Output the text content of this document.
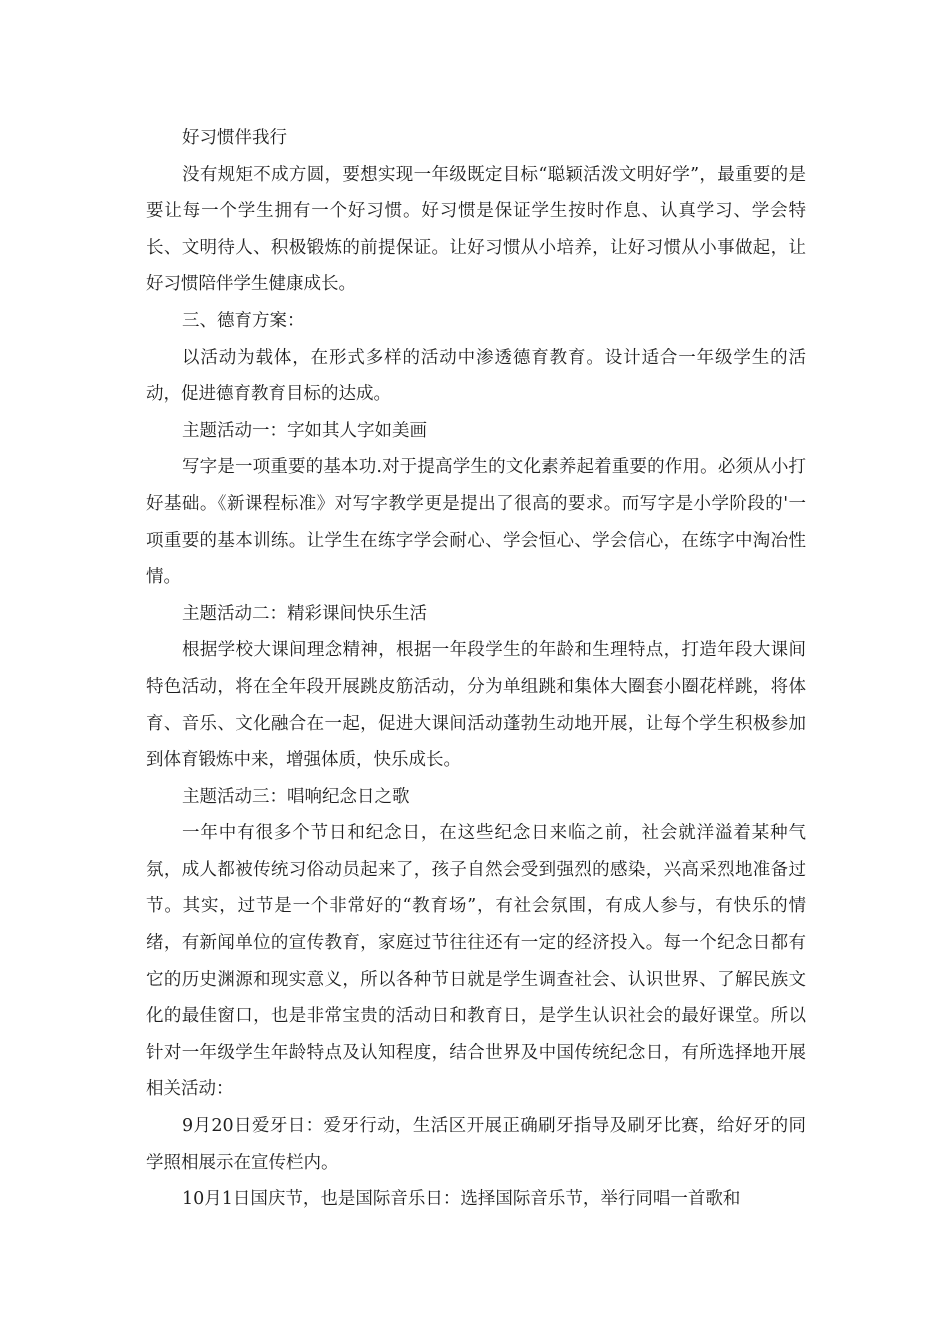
好习惯伴我行

没有规矩不成方圆，要想实现一年级既定目标“聪颖活泼文明好学”，最重要的是要让每一个学生拥有一个好习惯。好习惯是保证学生按时作息、认真学习、学会特长、文明待人、积极锻炼的前提保证。让好习惯从小培养，让好习惯从小事做起，让好习惯陪伴学生健康成长。

三、德育方案：

以活动为载体，在形式多样的活动中渗透德育教育。设计适合一年级学生的活动，促进德育教育目标的达成。

主题活动一：字如其人字如美画

写字是一项重要的基本功.对于提高学生的文化素养起着重要的作用。必须从小打好基础。《新课程标准》对写字教学更是提出了很高的要求。而写字是小学阶段的'一项重要的基本训练。让学生在练字学会耐心、学会恒心、学会信心，在练字中淘冶性情。

主题活动二：精彩课间快乐生活

根据学校大课间理念精神，根据一年段学生的年龄和生理特点，打造年段大课间特色活动，将在全年段开展跳皮筋活动，分为单组跳和集体大圈套小圈花样跳，将体育、音乐、文化融合在一起，促进大课间活动蓬勃生动地开展，让每个学生积极参加到体育锻炼中来，增强体质，快乐成长。

主题活动三：唱响纪念日之歌

一年中有很多个节日和纪念日，在这些纪念日来临之前，社会就洋溢着某种气氛，成人都被传统习俗动员起来了，孩子自然会受到强烈的感染，兴高采烈地准备过节。其实，过节是一个非常好的“教育场”，有社会氛围，有成人参与，有快乐的情绪，有新闻单位的宣传教育，家庭过节往往还有一定的经济投入。每一个纪念日都有它的历史渊源和现实意义，所以各种节日就是学生调查社会、认识世界、了解民族文化的最佳窗口，也是非常宝贵的活动日和教育日，是学生认识社会的最好课堂。所以针对一年级学生年龄特点及认知程度，结合世界及中国传统纪念日，有所选择地开展相关活动：

9月20日爱牙日：爱牙行动，生活区开展正确刷牙指导及刷牙比赛，给好牙的同学照相展示在宣传栏内。

10月1日国庆节，也是国际音乐日：选择国际音乐节，举行同唱一首歌和
